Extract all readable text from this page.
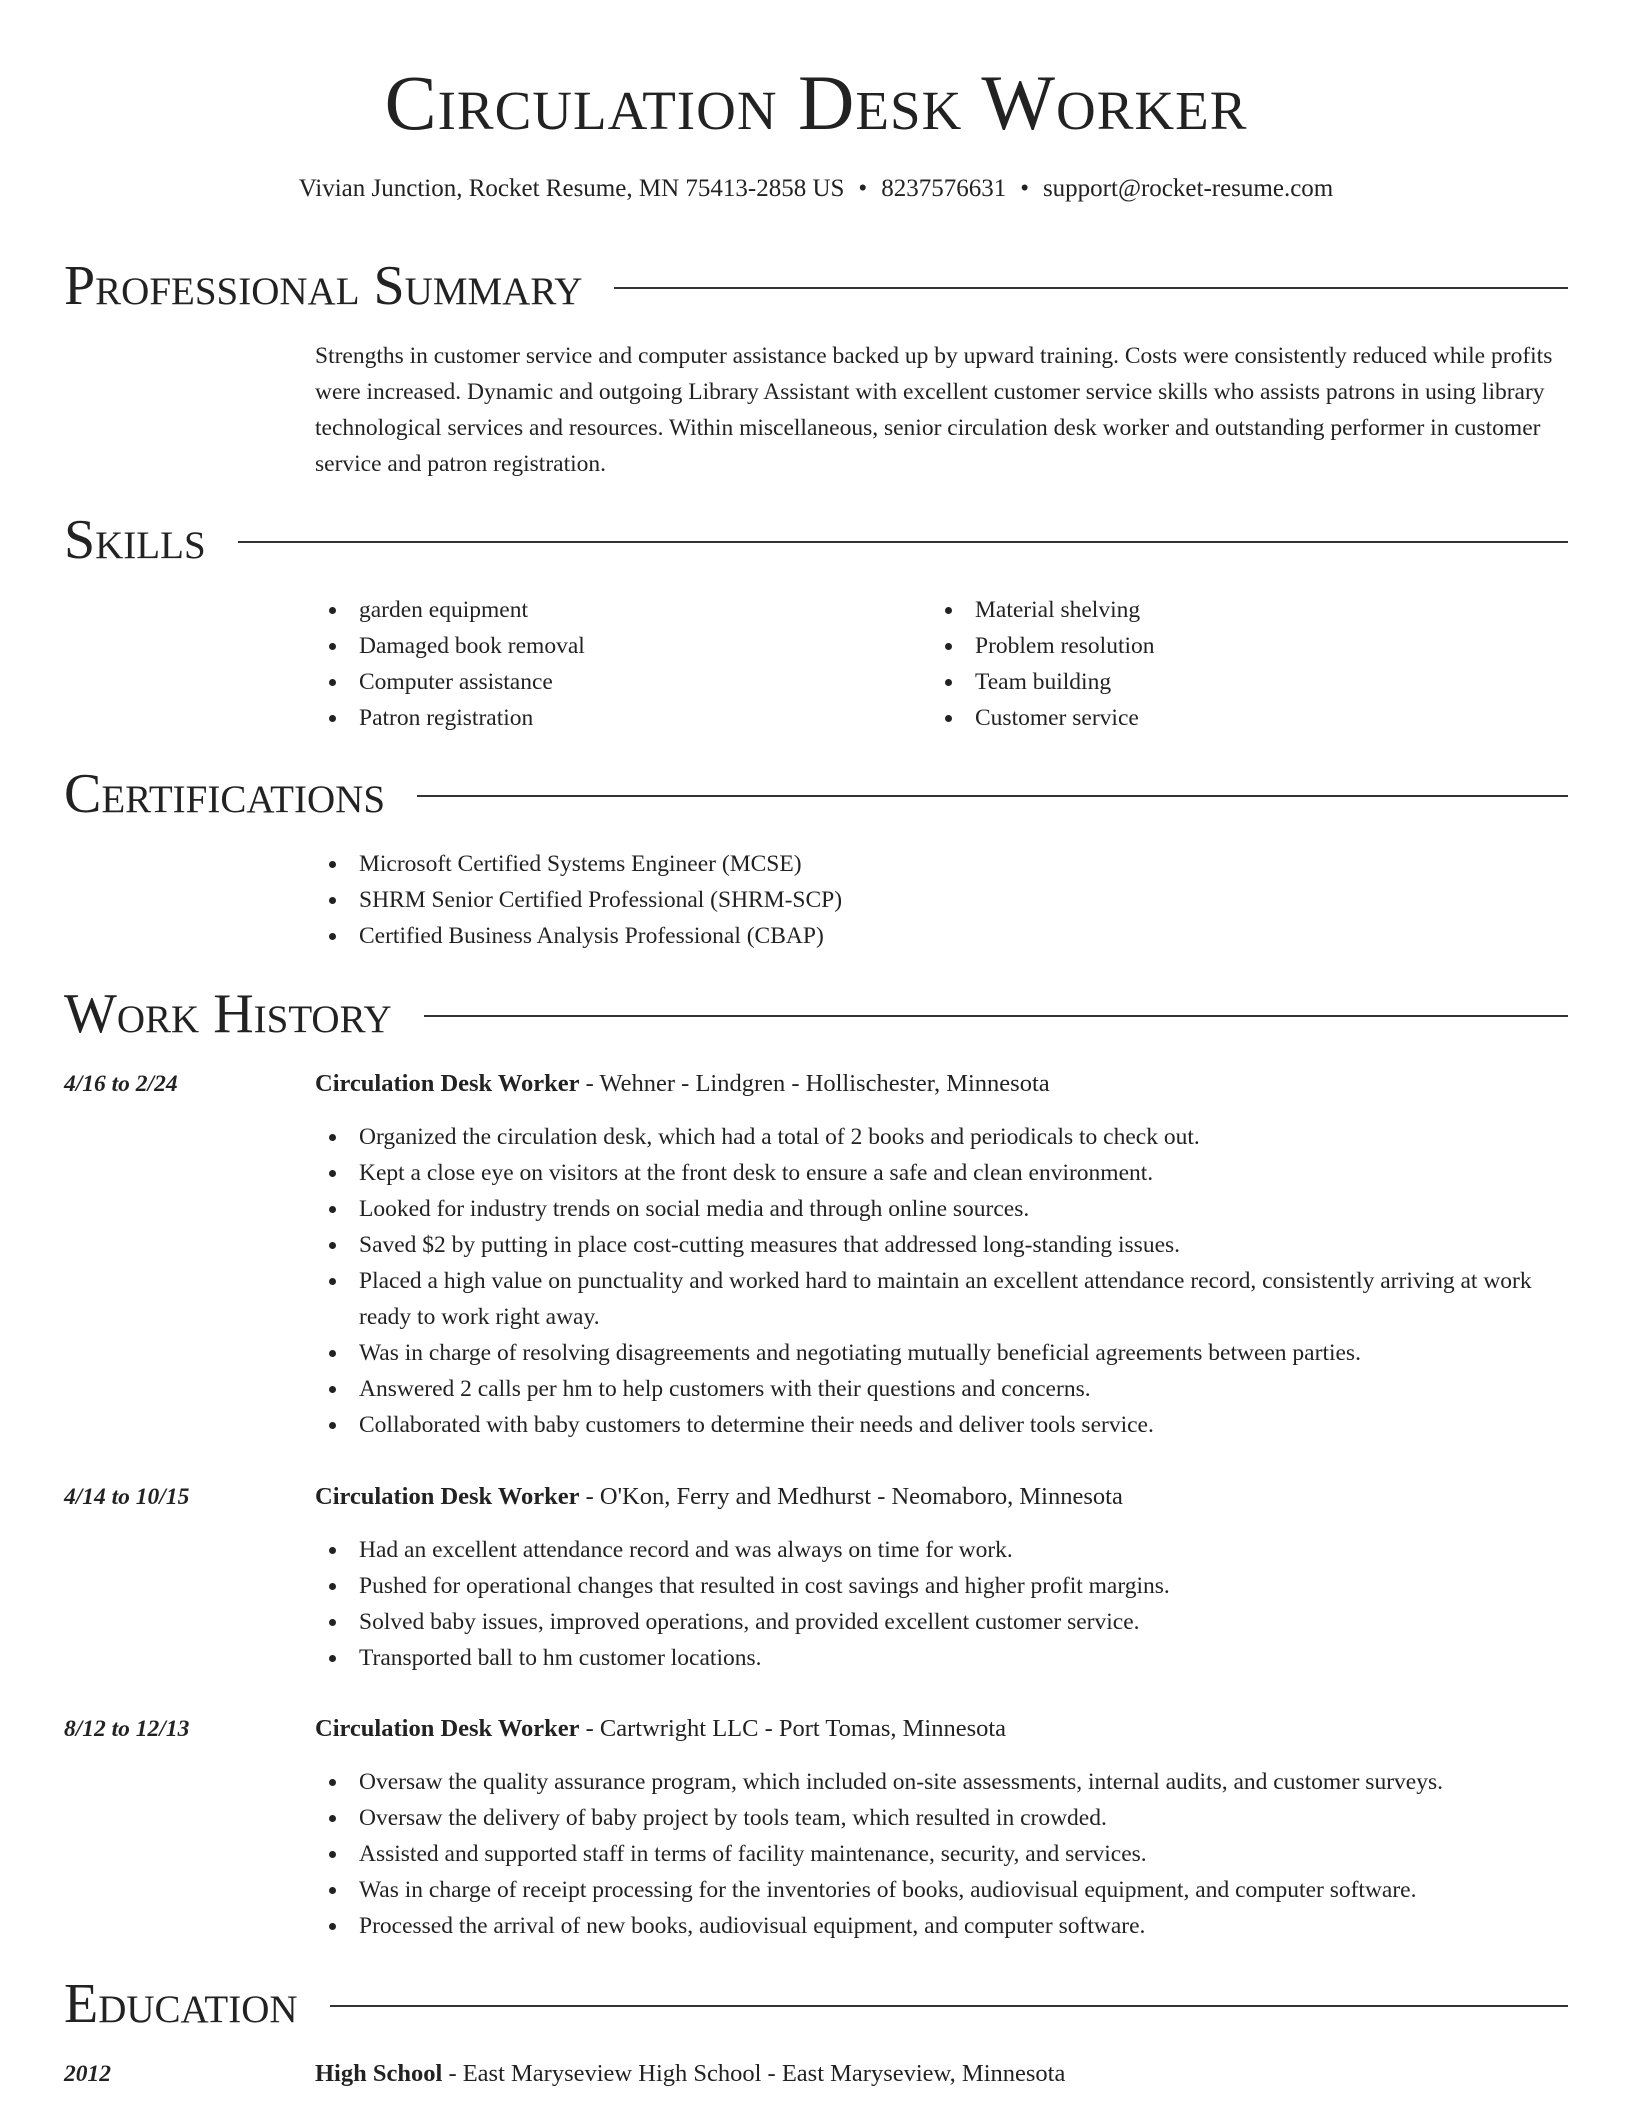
Circulation Desk Worker
Vivian Junction, Rocket Resume, MN 75413-2858 US • 8237576631 • support@rocket-resume.com
Professional Summary
Strengths in customer service and computer assistance backed up by upward training. Costs were consistently reduced while profits were increased. Dynamic and outgoing Library Assistant with excellent customer service skills who assists patrons in using library technological services and resources. Within miscellaneous, senior circulation desk worker and outstanding performer in customer service and patron registration.
Skills
garden equipment
Damaged book removal
Computer assistance
Patron registration
Material shelving
Problem resolution
Team building
Customer service
Certifications
Microsoft Certified Systems Engineer (MCSE)
SHRM Senior Certified Professional (SHRM-SCP)
Certified Business Analysis Professional (CBAP)
Work History
4/16 to 2/24	Circulation Desk Worker - Wehner - Lindgren - Hollischester, Minnesota
Organized the circulation desk, which had a total of 2 books and periodicals to check out.
Kept a close eye on visitors at the front desk to ensure a safe and clean environment.
Looked for industry trends on social media and through online sources.
Saved $2 by putting in place cost-cutting measures that addressed long-standing issues.
Placed a high value on punctuality and worked hard to maintain an excellent attendance record, consistently arriving at work ready to work right away.
Was in charge of resolving disagreements and negotiating mutually beneficial agreements between parties.
Answered 2 calls per hm to help customers with their questions and concerns.
Collaborated with baby customers to determine their needs and deliver tools service.
4/14 to 10/15	Circulation Desk Worker - O'Kon, Ferry and Medhurst - Neomaboro, Minnesota
Had an excellent attendance record and was always on time for work.
Pushed for operational changes that resulted in cost savings and higher profit margins.
Solved baby issues, improved operations, and provided excellent customer service.
Transported ball to hm customer locations.
8/12 to 12/13	Circulation Desk Worker - Cartwright LLC - Port Tomas, Minnesota
Oversaw the quality assurance program, which included on-site assessments, internal audits, and customer surveys.
Oversaw the delivery of baby project by tools team, which resulted in crowded.
Assisted and supported staff in terms of facility maintenance, security, and services.
Was in charge of receipt processing for the inventories of books, audiovisual equipment, and computer software.
Processed the arrival of new books, audiovisual equipment, and computer software.
Education
2012	High School - East Maryseview High School - East Maryseview, Minnesota
